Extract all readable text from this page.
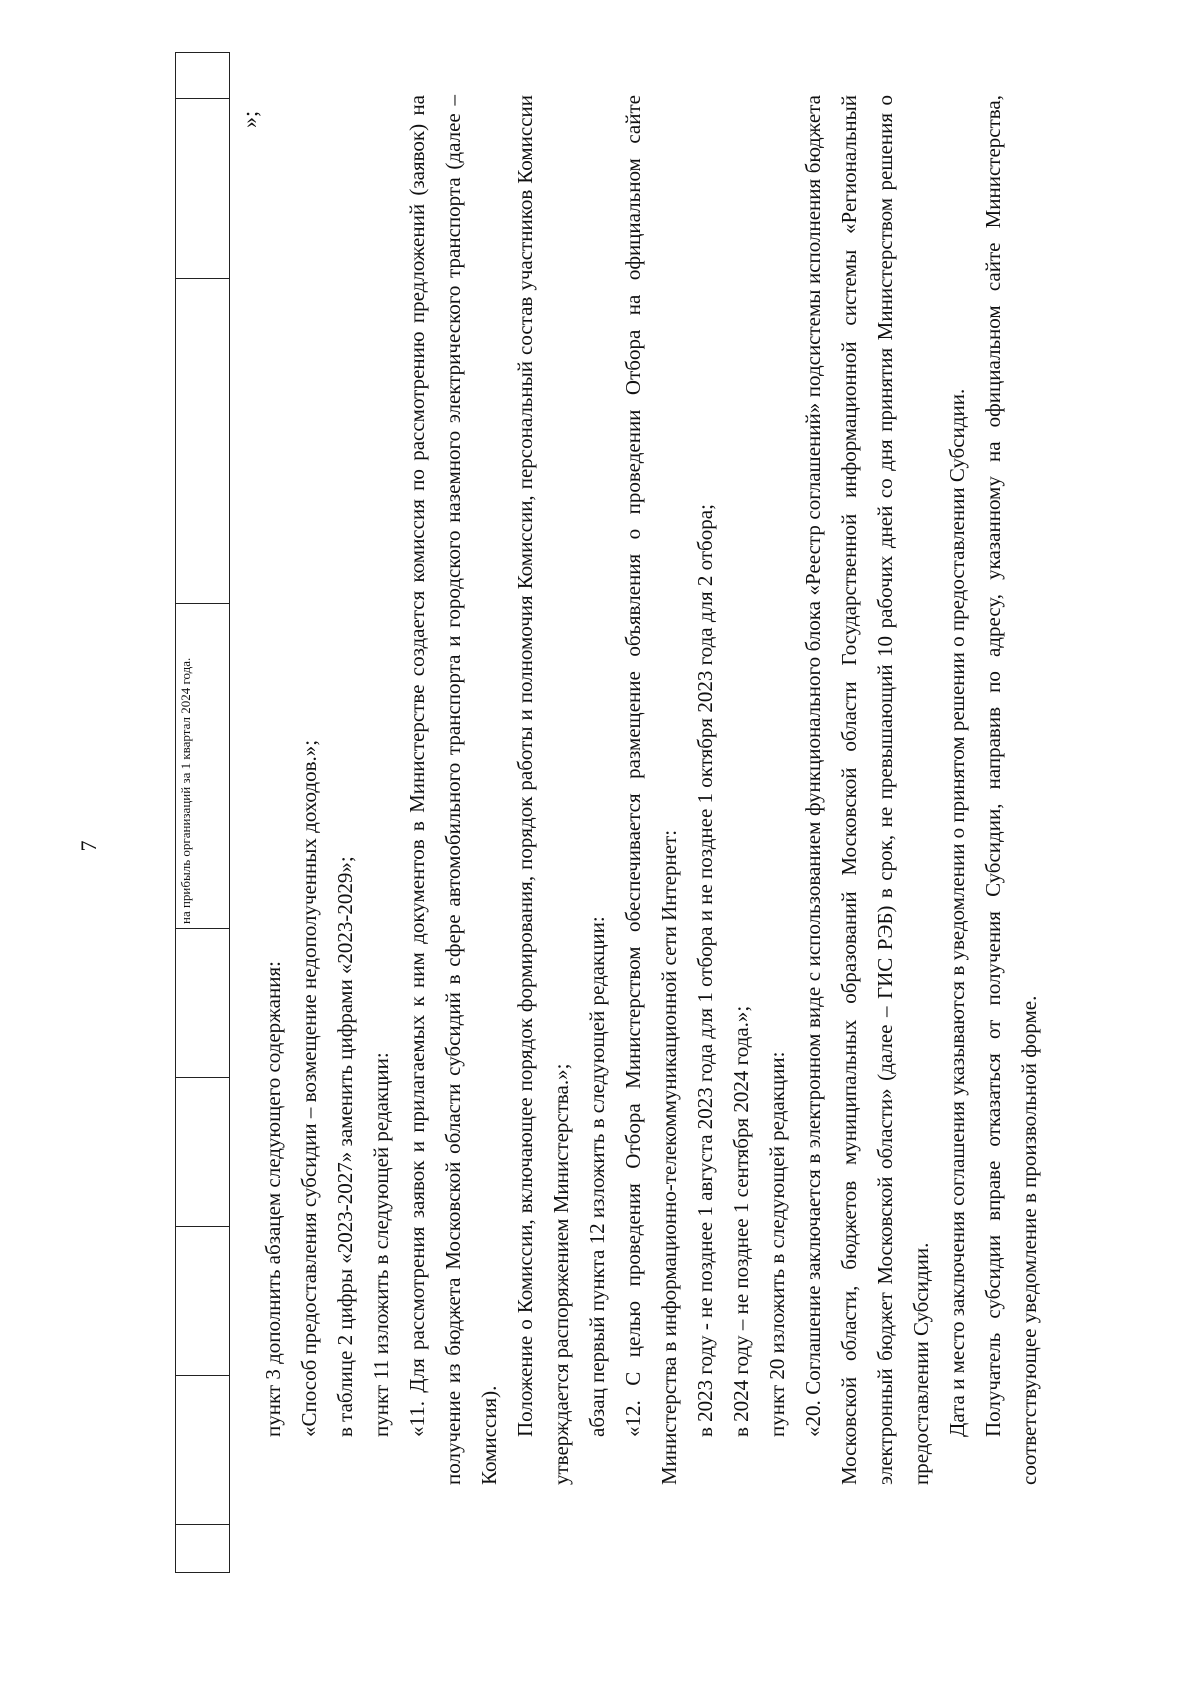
7
						на прибыль организаций за 1 квартал 2024 года.			
»;

пункт 3 дополнить абзацем следующего содержания: «Способ предоставления субсидии – возмещение недополученных доходов.»; в таблице 2 цифры «2023-2027» заменить цифрами «2023-2029»; пункт 11 изложить в следующей редакции: «11. Для рассмотрения заявок и прилагаемых к ним документов в Министерстве создается комиссия по рассмотрению предложений (заявок) на получение из бюджета Московской области субсидий в сфере автомобильного транспорта и городского наземного электрического транспорта (далее – Комиссия). Положение о Комиссии, включающее порядок формирования, порядок работы и полномочия Комиссии, персональный состав участников Комиссии утверждается распоряжением Министерства.»; абзац первый пункта 12 изложить в следующей редакции: «12. С целью проведения Отбора Министерством обеспечивается размещение объявления о проведении Отбора на официальном сайте Министерства в информационно-телекоммуникационной сети Интернет: в 2023 году - не позднее 1 августа 2023 года для 1 отбора и не позднее 1 октября 2023 года для 2 отбора; в 2024 году – не позднее 1 сентября 2024 года.»; пункт 20 изложить в следующей редакции: «20. Соглашение заключается в электронном виде с использованием функционального блока «Реестр соглашений» подсистемы исполнения бюджета Московской области, бюджетов муниципальных образований Московской области Государственной информационной системы «Региональный электронный бюджет Московской области» (далее – ГИС РЭБ) в срок, не превышающий 10 рабочих дней со дня принятия Министерством решения о предоставлении Субсидии. Дата и место заключения соглашения указываются в уведомлении о принятом решении о предоставлении Субсидии. Получатель субсидии вправе отказаться от получения Субсидии, направив по адресу, указанному на официальном сайте Министерства, соответствующее уведомление в произвольной форме.
